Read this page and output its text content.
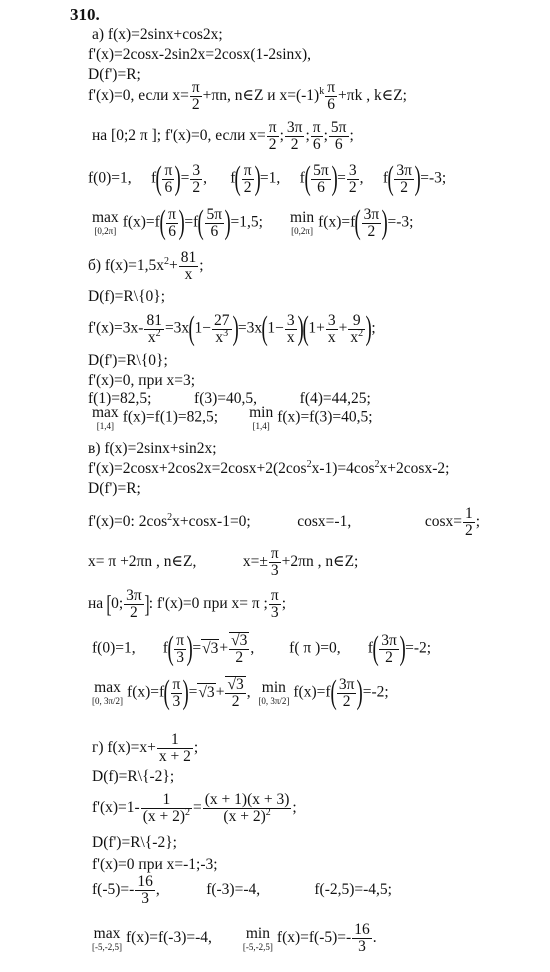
310.
а) f(x)=2sinx+cos2x;
f'(x)=2cosx-2sin2x=2cosx(1-2sinx),
D(f')=R;
f'(x)=0, если $x= \frac{\pi}{2} +\pi n$, n∈Z и $x=(-1)^k \frac{\pi}{6} +\pi k$ , k∈Z;
на [0;2 π ]; f'(x)=0, если $x= \frac{\pi}{2}$ ; $\frac{3\pi}{2}$ ; $\frac{\pi}{6}$ ; $\frac{5\pi}{6}$ ;
f(0)=1,     $f( \frac{\pi}{6}$ )= $\frac{3}{2}$ ,      $f( \frac{\pi}{2} )=1$,     $f( \frac{5\pi}{6}$ )= $\frac{3}{2}$ ,     $f( \frac{3\pi}{2} )=-3$;
max
[0,2π]
$f(x)=f( \frac{\pi}{6} )=f( \frac{5\pi}{6} )=1,5$; min
[0,2π]
$f(x)=f( \frac{3\pi}{2} )=-3$;
б) $f(x)=1,5x^2+ \frac{81}{x}$ ;
D(f)=R\{0};
$f'(x)=3x- \frac{81}{x^2} =3x(1- \frac{27}{x^3} )=3x(1- \frac{3}{x} )(1+ \frac{3}{x} + \frac{9}{x^2}$ );
D(f')=R\{0};
f'(x)=0, при x=3;
f(1)=82,5;	f(3)=40,5,	f(4)=44,25;
max
[1,4]
f(x)=f(1)=82,5; min
[1,4]
f(x)=f(3)=40,5;
в) f(x)=2sinx+sin2x;
$f'(x)=2\cos x+2\cos 2x=2\cos x+2(2\cos^2x-1)=4\cos^2x+2\cos x-2$;
D(f')=R;
f'(x)=0: $2\cos^2x+\cos x-1=0$;	cosx=-1,	$\cos x= \frac{1}{2}$ ;
x= π +2πn , n∈Z,	$x=\pm \frac{\pi}{3} +2\pi n$ , n∈Z;
на [0; $\frac{3\pi}{2}$ ]: f'(x)=0 при x= π ; $\frac{\pi}{3}$ ;
f(0)=1, $f( \frac{\pi}{3} )=√3+ \frac{√3}{2}$ , f( π )=0, $f( \frac{3\pi}{2} )=-2$;
max
[0, 3π/2]
$f(x)=f( \frac{\pi}{3} )=√3+ \frac{√3}{2}$ , min
[0, 3π/2]
$f(x)=f( \frac{3\pi}{2} )=-2$;
г) $f(x)=x+ \frac{1}{x + 2}$ ;
D(f)=R\{-2};
$f'(x)=1- \frac{1}{(x + 2)^2} = \frac{(x + 1)(x + 3)}{(x + 2)^2}$ ;
D(f')=R\{-2};
f'(x)=0 при x=-1;-3;
$f(-5)=- \frac{16}{3}$ ,	f(-3)=-4,	f(-2,5)=-4,5;
max
[-5,-2,5]
f(x)=f(-3)=-4, min
[-5,-2,5]
$f(x)=f(-5)=- \frac{16}{3}$ .
